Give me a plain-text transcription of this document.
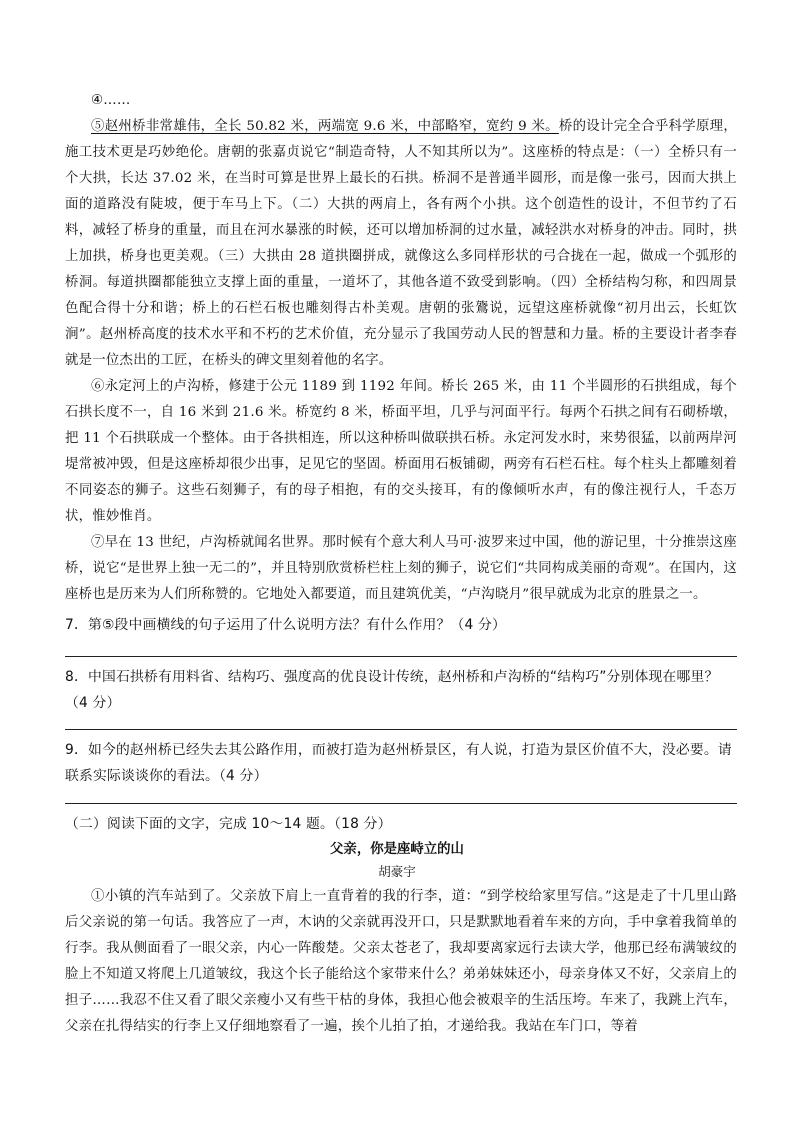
④……

⑤赵州桥非常雄伟，全长 50.82 米，两端宽 9.6 米，中部略窄，宽约 9 米。桥的设计完全合乎科学原理，施工技术更是巧妙绝伦。唐朝的张嘉贞说它“制造奇特，人不知其所以为”。这座桥的特点是：（一）全桥只有一个大拱，长达 37.02 米，在当时可算是世界上最长的石拱。桥洞不是普通半圆形，而是像一张弓，因而大拱上面的道路没有陡坡，便于车马上下。（二）大拱的两肩上，各有两个小拱。这个创造性的设计，不但节约了石料，减轻了桥身的重量，而且在河水暴涨的时候，还可以增加桥洞的过水量，减轻洪水对桥身的冲击。同时，拱上加拱，桥身也更美观。（三）大拱由 28 道拱圈拼成，就像这么多同样形状的弓合拢在一起，做成一个弧形的桥洞。每道拱圈都能独立支撑上面的重量，一道坏了，其他各道不致受到影响。（四）全桥结构匀称，和四周景色配合得十分和谐；桥上的石栏石板也雕刻得古朴美观。唐朝的张鷟说，远望这座桥就像“初月出云，长虹饮涧”。赵州桥高度的技术水平和不朽的艺术价值，充分显示了我国劳动人民的智慧和力量。桥的主要设计者李春就是一位杰出的工匠，在桥头的碑文里刻着他的名字。

⑥永定河上的卢沟桥，修建于公元 1189 到 1192 年间。桥长 265 米，由 11 个半圆形的石拱组成，每个石拱长度不一，自 16 米到 21.6 米。桥宽约 8 米，桥面平坦，几乎与河面平行。每两个石拱之间有石砌桥墩，把 11 个石拱联成一个整体。由于各拱相连，所以这种桥叫做联拱石桥。永定河发水时，来势很猛，以前两岸河堤常被冲毁，但是这座桥却很少出事，足见它的坚固。桥面用石板铺砌，两旁有石栏石柱。每个柱头上都雕刻着不同姿态的狮子。这些石刻狮子，有的母子相抱，有的交头接耳，有的像倾听水声，有的像注视行人，千态万状，惟妙惟肖。

⑦早在 13 世纪，卢沟桥就闻名世界。那时候有个意大利人马可·波罗来过中国，他的游记里，十分推崇这座桥，说它“是世界上独一无二的”，并且特别欣赏桥栏柱上刻的狮子，说它们“共同构成美丽的奇观”。在国内，这座桥也是历来为人们所称赞的。它地处入都要道，而且建筑优美，“卢沟晓月”很早就成为北京的胜景之一。

7．第⑤段中画横线的句子运用了什么说明方法？有什么作用？（4 分）
8．中国石拱桥有用料省、结构巧、强度高的优良设计传统，赵州桥和卢沟桥的“结构巧”分别体现在哪里？（4 分）
9．如今的赵州桥已经失去其公路作用，而被打造为赵州桥景区，有人说，打造为景区价值不大，没必要。请联系实际谈谈你的看法。（4 分）
（二）阅读下面的文字，完成 10～14 题。（18 分）
父亲，你是座峙立的山
胡豪宇

①小镇的汽车站到了。父亲放下肩上一直背着的我的行李，道：“到学校给家里写信。”这是走了十几里山路后父亲说的第一句话。我答应了一声，木讷的父亲就再没开口，只是默默地看着车来的方向，手中拿着我简单的行李。我从侧面看了一眼父亲，内心一阵酸楚。父亲太苍老了，我却要离家远行去读大学，他那已经布满皱纹的脸上不知道又将爬上几道皱纹，我这个长子能给这个家带来什么？弟弟妹妹还小，母亲身体又不好，父亲肩上的担子……我忍不住又看了眼父亲瘦小又有些干枯的身体，我担心他会被艰辛的生活压垮。车来了，我跳上汽车，父亲在扎得结实的行李上又仔细地察看了一遍，挨个儿拍了拍，才递给我。我站在车门口，等着
